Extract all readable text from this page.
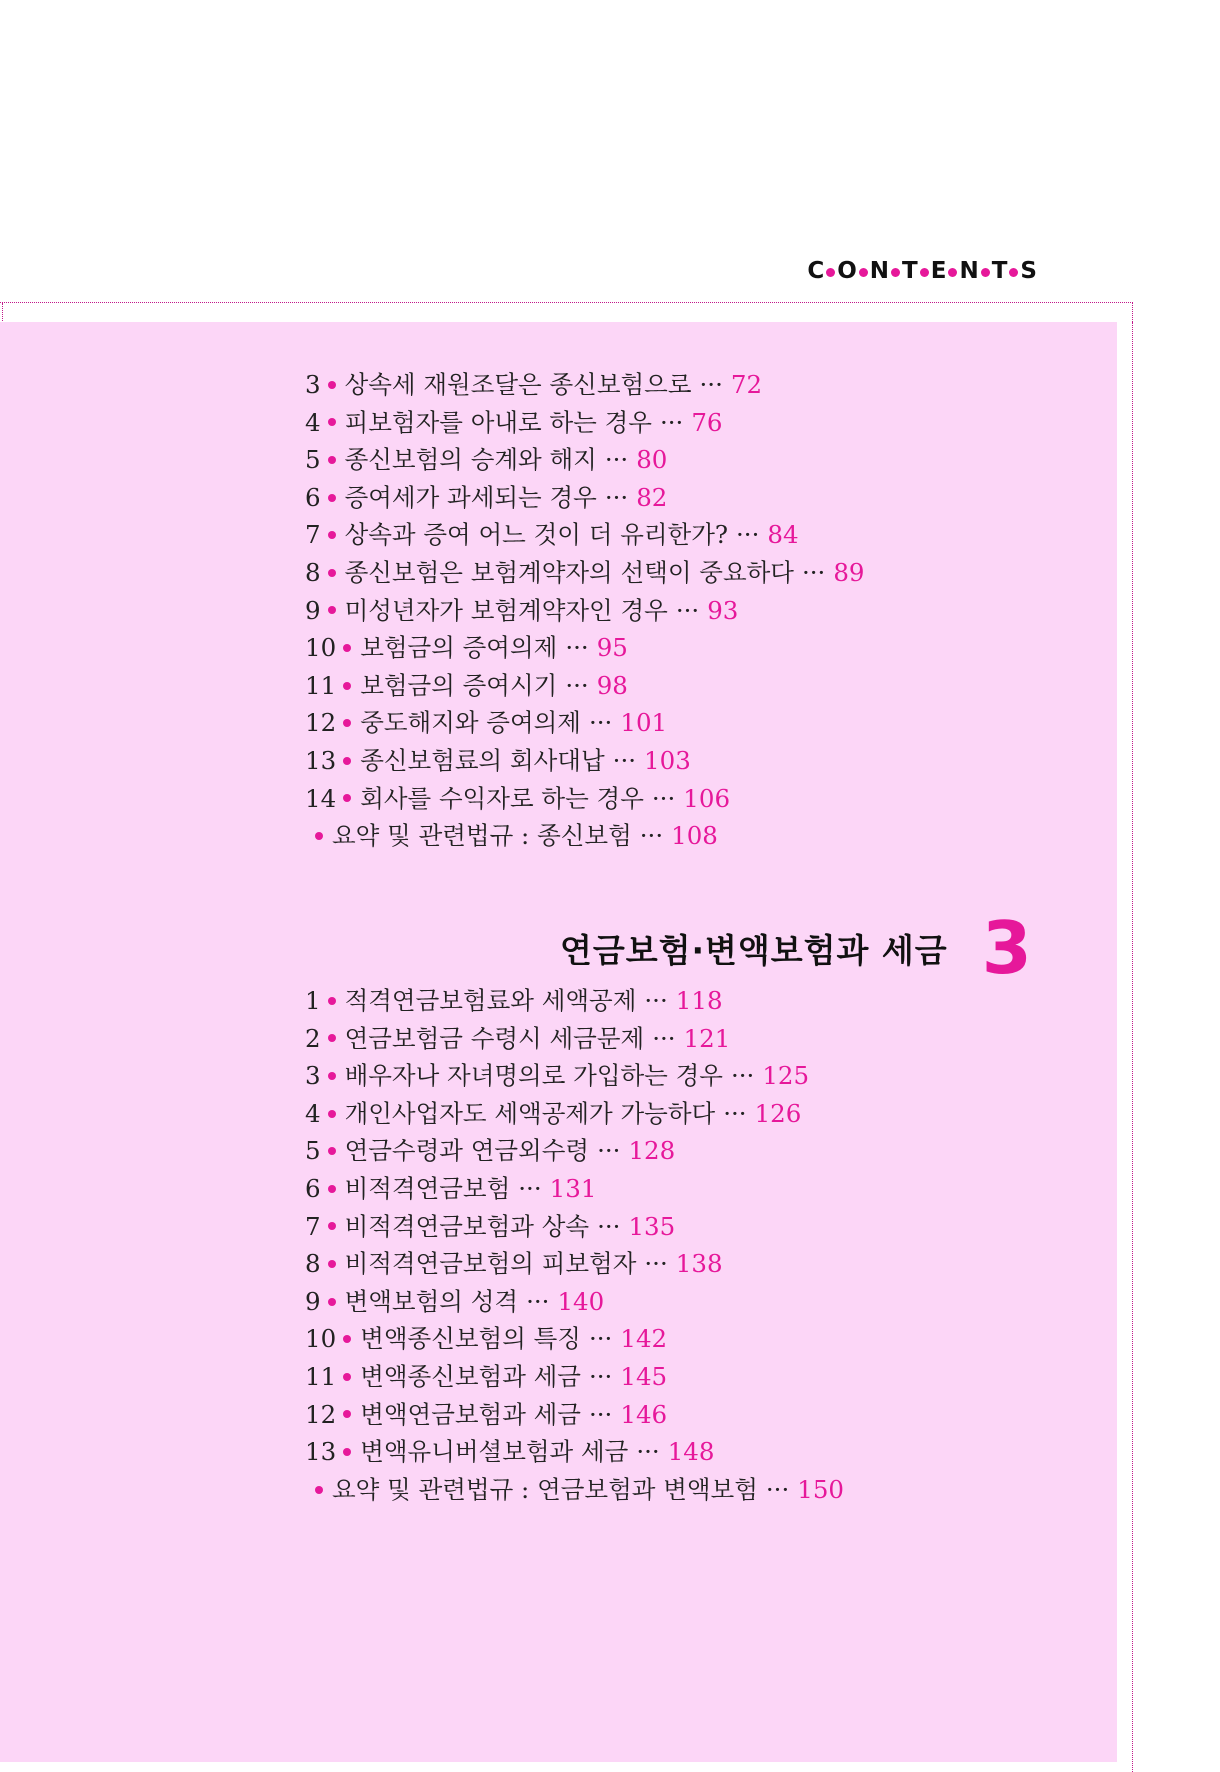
C O N T E N T S
3 상속세 재원조달은 종신보험으로 ··· 72
4 피보험자를 아내로 하는 경우 ··· 76
5 종신보험의 승계와 해지 ··· 80
6 증여세가 과세되는 경우 ··· 82
7 상속과 증여 어느 것이 더 유리한가? ··· 84
8 종신보험은 보험계약자의 선택이 중요하다 ··· 89
9 미성년자가 보험계약자인 경우 ··· 93
10 보험금의 증여의제 ··· 95
11 보험금의 증여시기 ··· 98
12 중도해지와 증여의제 ··· 101
13 종신보험료의 회사대납 ··· 103
14 회사를 수익자로 하는 경우 ··· 106
요약 및 관련법규 : 종신보험 ··· 108
연금보험·변액보험과 세금 3
1 적격연금보험료와 세액공제 ··· 118
2 연금보험금 수령시 세금문제 ··· 121
3 배우자나 자녀명의로 가입하는 경우 ··· 125
4 개인사업자도 세액공제가 가능하다 ··· 126
5 연금수령과 연금외수령 ··· 128
6 비적격연금보험 ··· 131
7 비적격연금보험과 상속 ··· 135
8 비적격연금보험의 피보험자 ··· 138
9 변액보험의 성격 ··· 140
10 변액종신보험의 특징 ··· 142
11 변액종신보험과 세금 ··· 145
12 변액연금보험과 세금 ··· 146
13 변액유니버셜보험과 세금 ··· 148
요약 및 관련법규 : 연금보험과 변액보험 ··· 150
